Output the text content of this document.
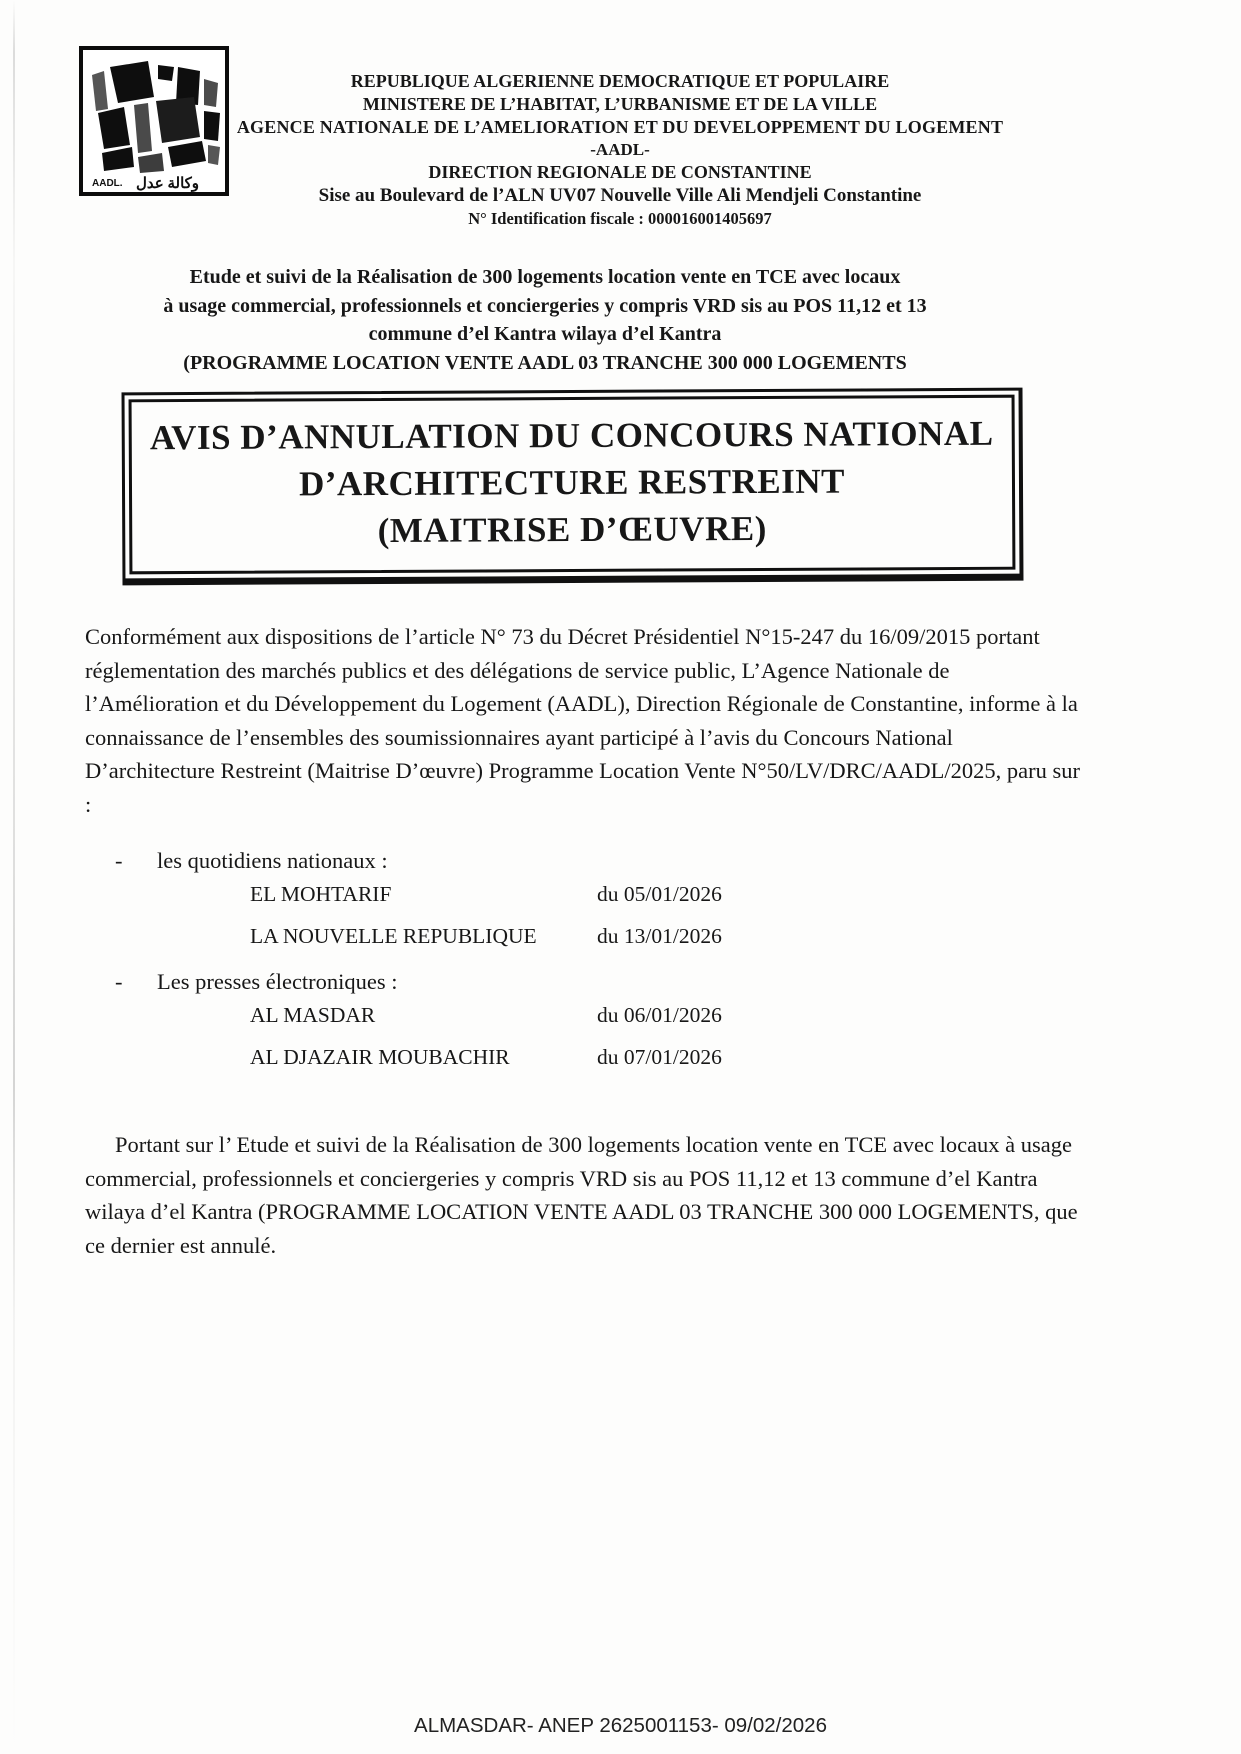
AADL. وكالة عدل
REPUBLIQUE ALGERIENNE DEMOCRATIQUE ET POPULAIRE
MINISTERE DE L’HABITAT, L’URBANISME ET DE LA VILLE
AGENCE NATIONALE DE L’AMELIORATION ET DU DEVELOPPEMENT DU LOGEMENT
-AADL-
DIRECTION REGIONALE DE CONSTANTINE
Sise au Boulevard de l’ALN UV07 Nouvelle Ville Ali Mendjeli Constantine
N° Identification fiscale : 000016001405697
Etude et suivi de la Réalisation de 300 logements location vente en TCE avec locaux
à usage commercial, professionnels et conciergeries y compris VRD sis au POS 11,12 et 13
commune d’el Kantra wilaya d’el Kantra
(PROGRAMME LOCATION VENTE AADL 03 TRANCHE 300 000 LOGEMENTS
AVIS D’ANNULATION DU CONCOURS NATIONAL
D’ARCHITECTURE RESTREINT
(MAITRISE D’ŒUVRE)
Conformément aux dispositions de l’article N° 73 du Décret Présidentiel N°15-247 du 16/09/2015 portant réglementation des marchés publics et des délégations de service public, L’Agence Nationale de l’Amélioration et du Développement du Logement (AADL), Direction Régionale de Constantine, informe à la connaissance de l’ensembles des soumissionnaires ayant participé à l’avis du Concours National D’architecture Restreint (Maitrise D’œuvre) Programme Location Vente N°50/LV/DRC/AADL/2025, paru sur :
-	les quotidiens nationaux :
EL MOHTARIF	du 05/01/2026
LA NOUVELLE REPUBLIQUE	du 13/01/2026
-	Les presses électroniques :
AL MASDAR	du 06/01/2026
AL DJAZAIR MOUBACHIR	du 07/01/2026
Portant sur l’ Etude et suivi de la Réalisation de 300 logements location vente en TCE avec locaux à usage commercial, professionnels et conciergeries y compris VRD sis au POS 11,12 et 13 commune d’el Kantra wilaya d’el Kantra (PROGRAMME LOCATION VENTE AADL 03 TRANCHE 300 000 LOGEMENTS, que ce dernier est annulé.
ALMASDAR- ANEP 2625001153- 09/02/2026
